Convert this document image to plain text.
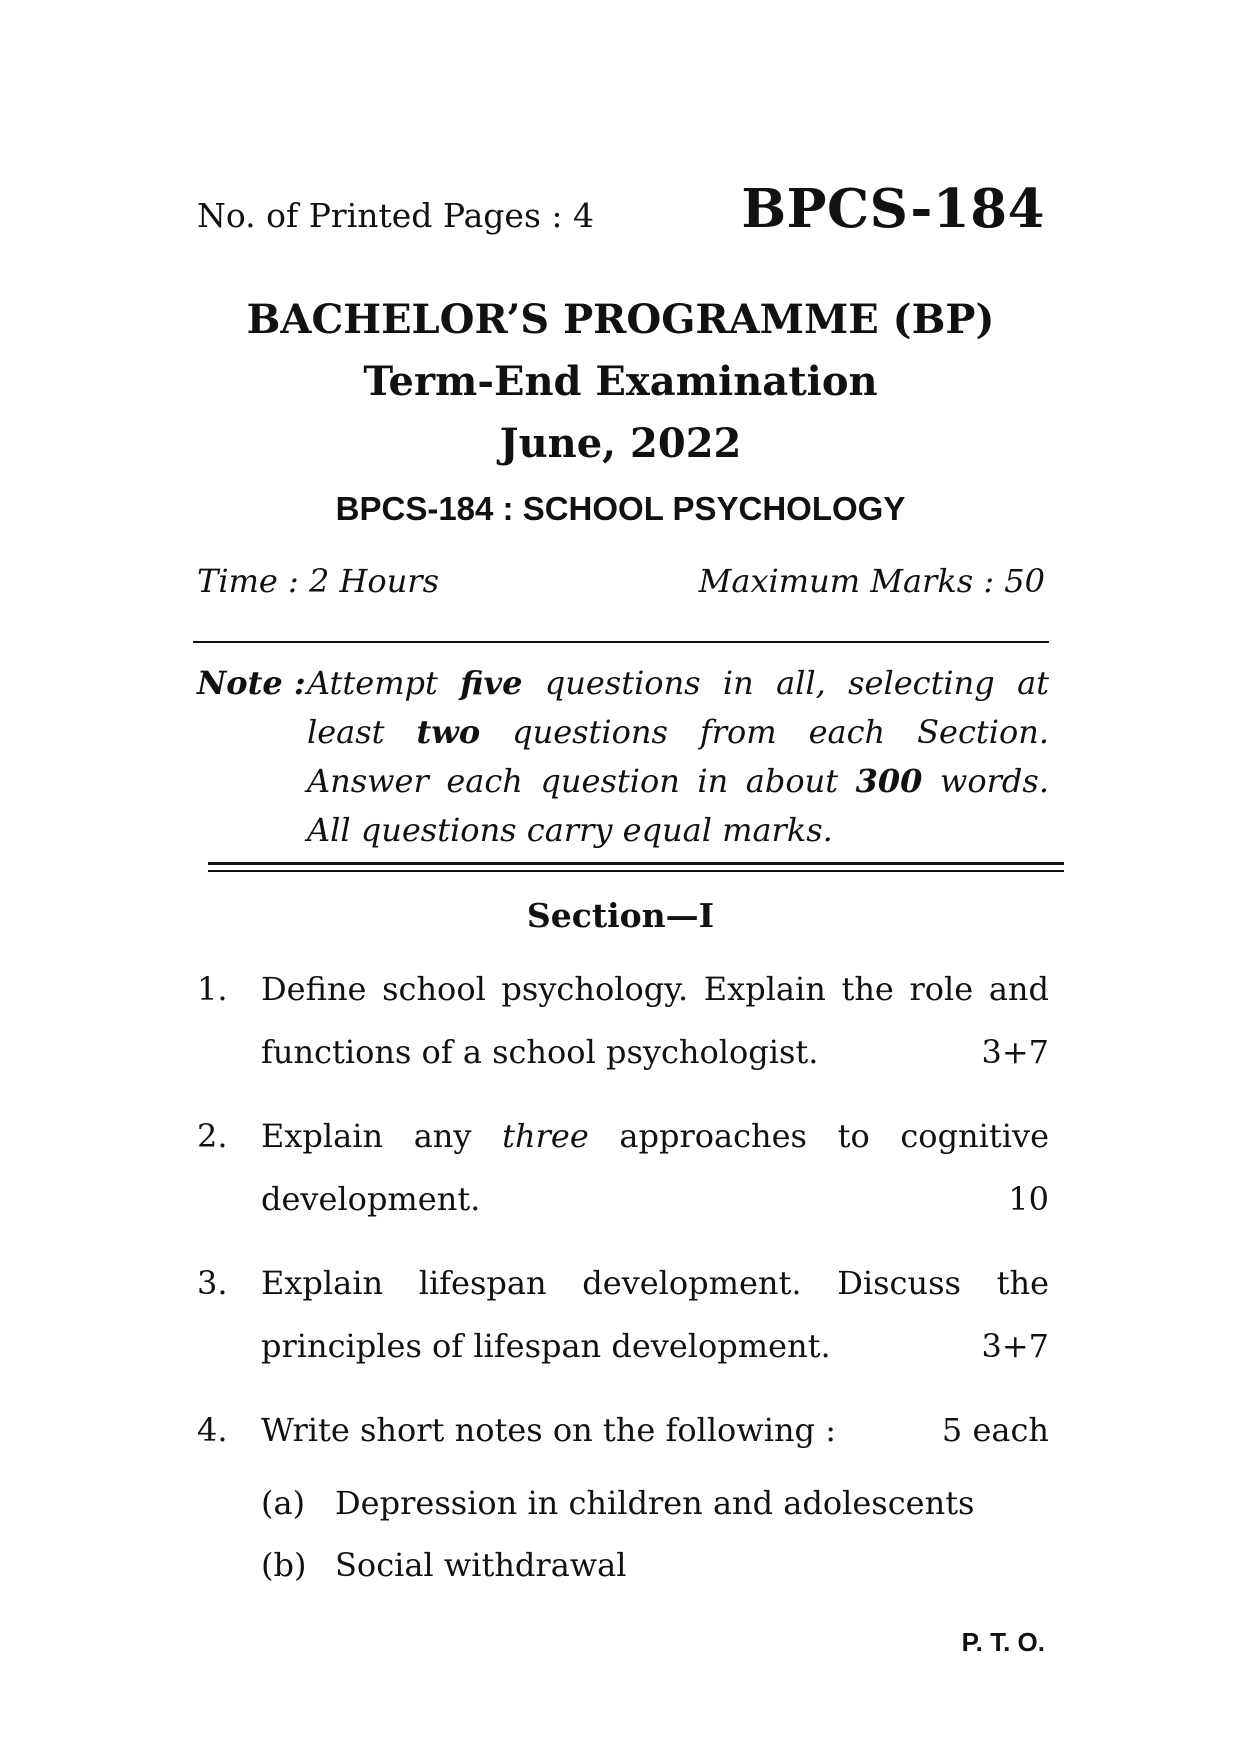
No. of Printed Pages : 4	BPCS-184
BACHELOR’S PROGRAMME (BP)
Term-End Examination
June, 2022
BPCS-184 : SCHOOL PSYCHOLOGY
Time : 2 Hours	Maximum Marks : 50
Note : Attempt five questions in all, selecting at least two questions from each Section. Answer each question in about 300 words. All questions carry equal marks.
Section—I
1. Define school psychology. Explain the role and
functions of a school psychologist.	3+7
2. Explain any three approaches to cognitive
development.	10
3. Explain lifespan development. Discuss the
principles of lifespan development.	3+7
4. Write short notes on the following :	5 each
(a) Depression in children and adolescents
(b) Social withdrawal
P. T. O.
